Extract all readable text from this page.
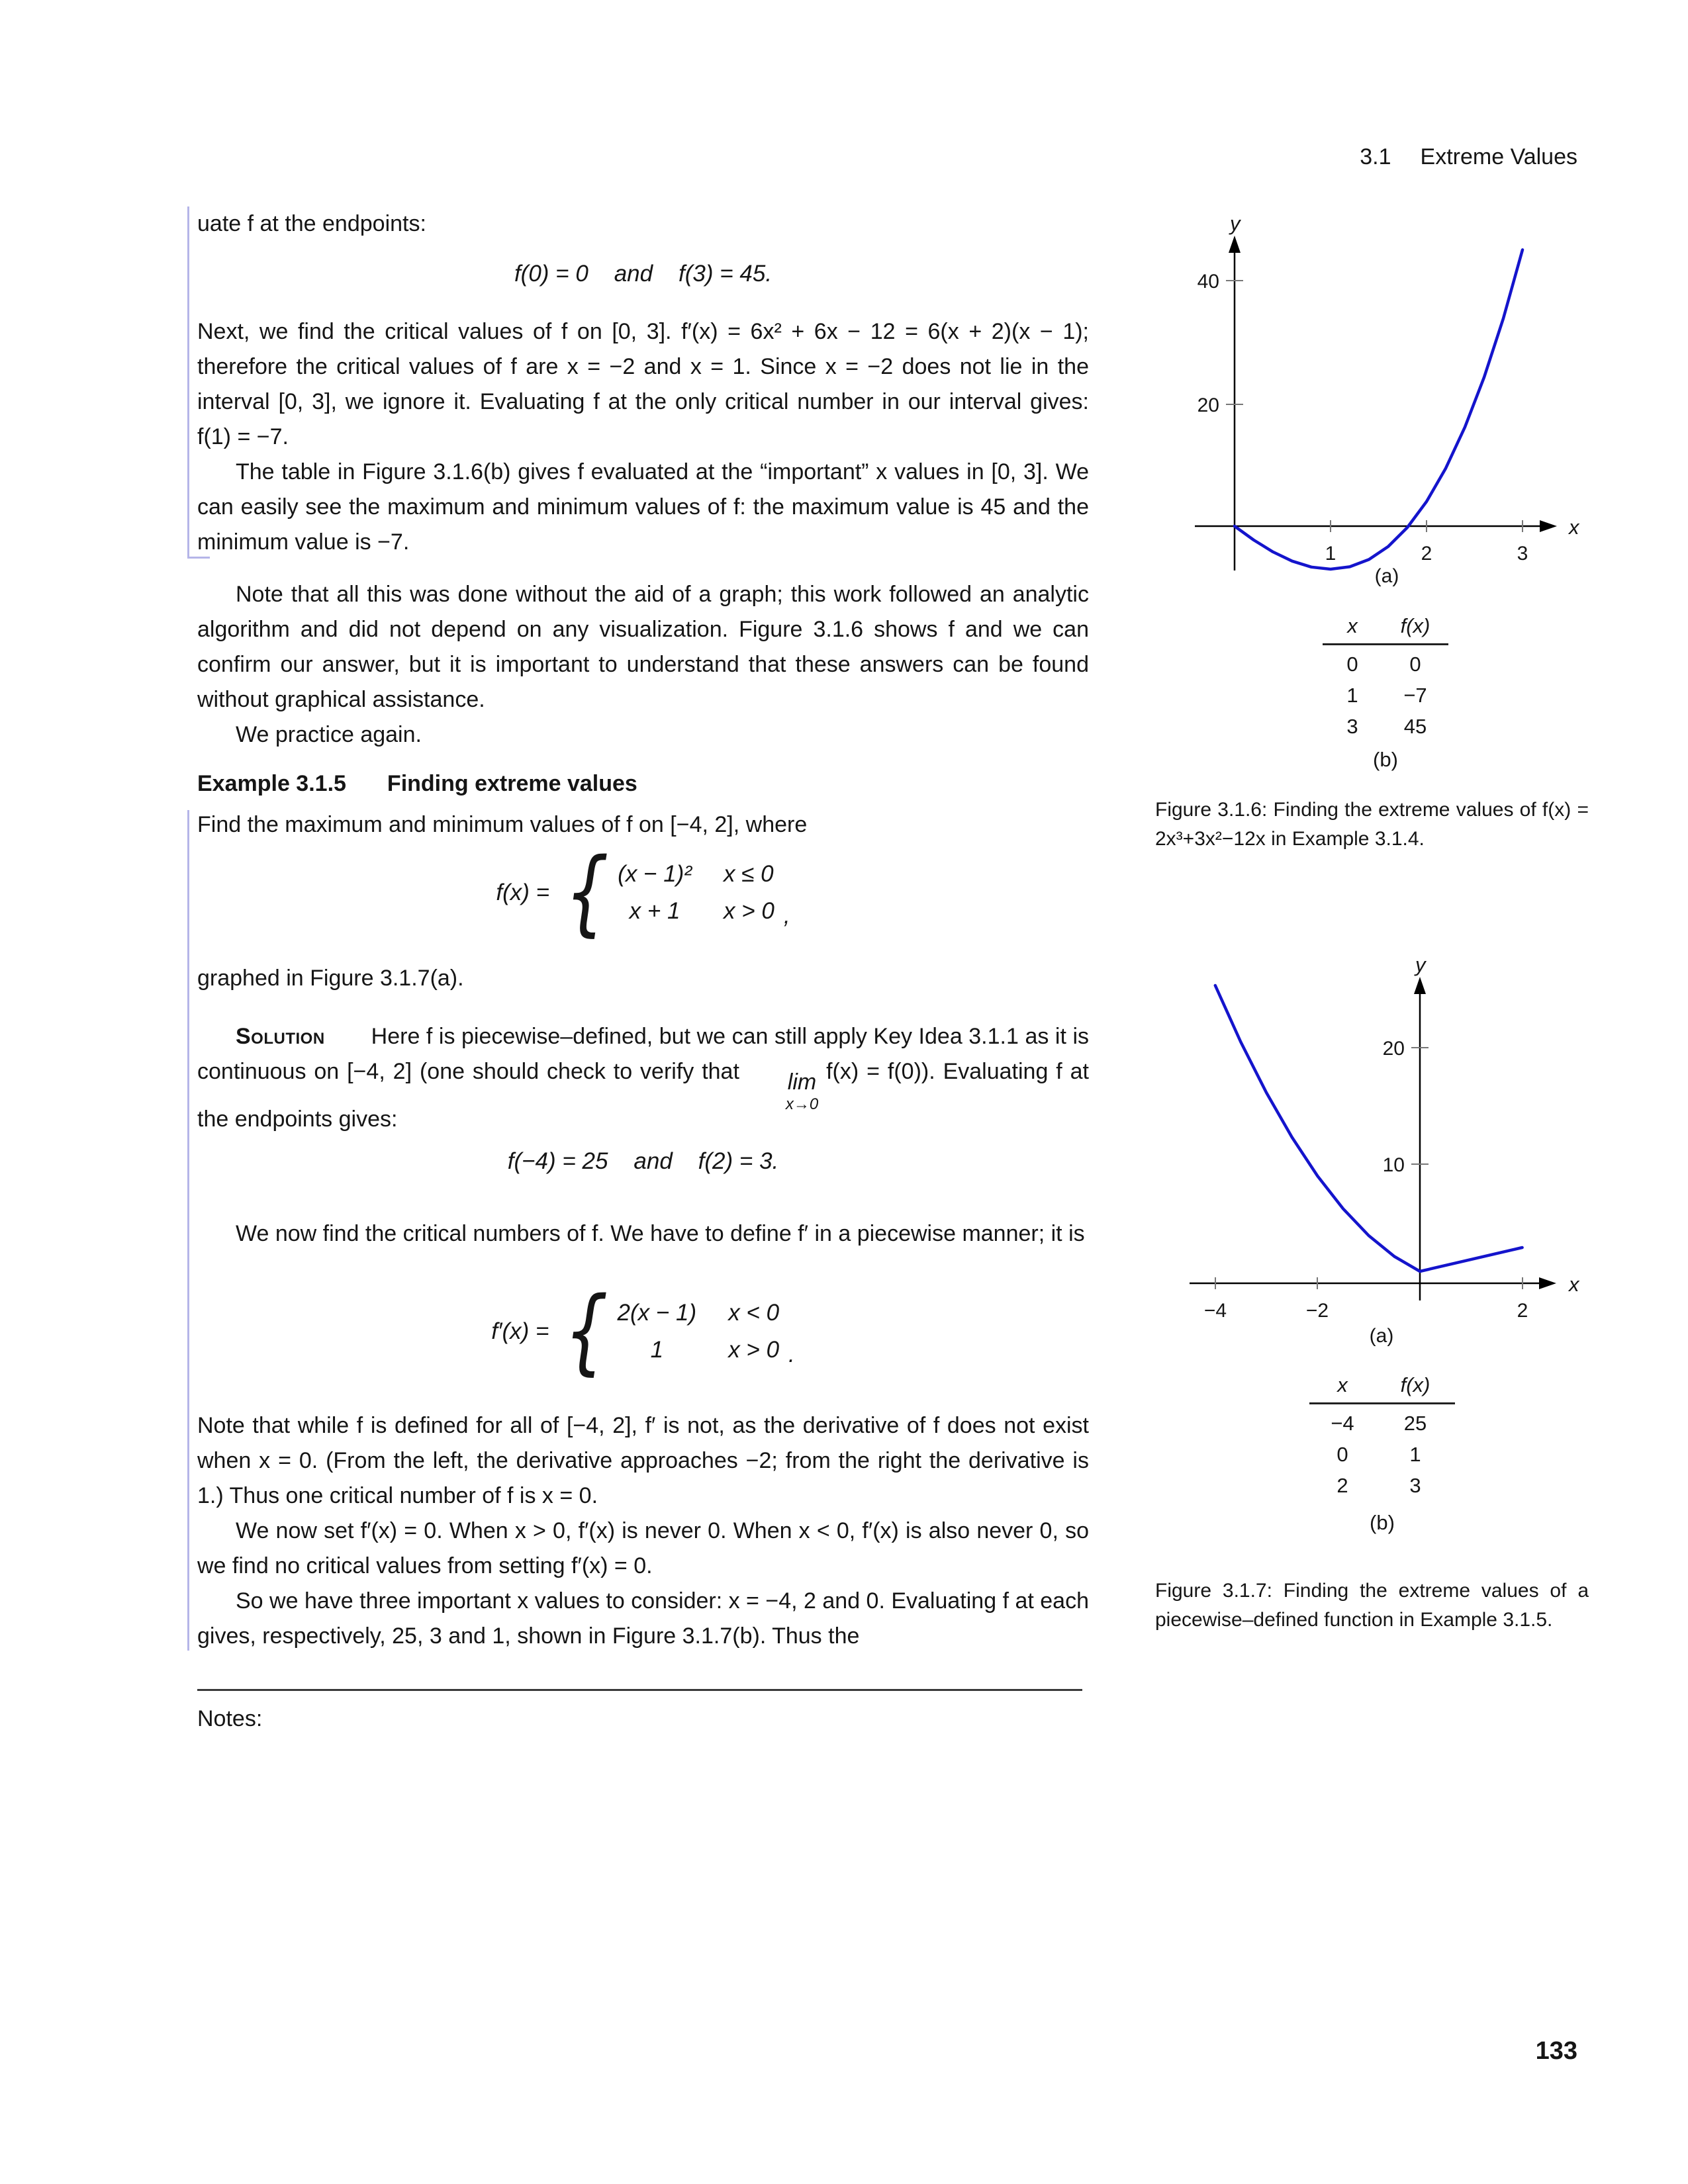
3.1 Extreme Values

uate f at the endpoints:

f(0) = 0    and    f(3) = 45.

Next, we find the critical values of f on [0, 3]. f′(x) = 6x² + 6x − 12 = 6(x + 2)(x − 1); therefore the critical values of f are x = −2 and x = 1. Since x = −2 does not lie in the interval [0, 3], we ignore it. Evaluating f at the only critical number in our interval gives: f(1) = −7.

The table in Figure 3.1.6(b) gives f evaluated at the “important” x values in [0, 3]. We can easily see the maximum and minimum values of f: the maximum value is 45 and the minimum value is −7.

Note that all this was done without the aid of a graph; this work followed an analytic algorithm and did not depend on any visualization. Figure 3.1.6 shows f and we can confirm our answer, but it is important to understand that these answers can be found without graphical assistance.

We practice again.

Example 3.1.5 Finding extreme values

Find the maximum and minimum values of f on [−4, 2], where

f(x) = { (x − 1)² x ≤ 0
x + 1	x > 0 ,

graphed in Figure 3.1.7(a).

Solution Here f is piecewise–defined, but we can still apply Key Idea 3.1.1 as it is continuous on [−4, 2] (one should check to verify that	lim
x→0
f(x) = f(0)). Evaluating f at the endpoints gives:

f(−4) = 25    and    f(2) = 3.

We now find the critical numbers of f. We have to define f′ in a piecewise manner; it is

f′(x) = { 2(x − 1) x < 0
1	x > 0 .

Note that while f is defined for all of [−4, 2], f′ is not, as the derivative of f does not exist when x = 0. (From the left, the derivative approaches −2; from the right the derivative is 1.) Thus one critical number of f is x = 0.

We now set f′(x) = 0. When x > 0, f′(x) is never 0. When x < 0, f′(x) is also never 0, so we find no critical values from setting f′(x) = 0.

So we have three important x values to consider: x = −4, 2 and 0. Evaluating f at each gives, respectively, 25, 3 and 1, shown in Figure 3.1.7(b). Thus the

1	2	3
20
40
x
y
(a)
x	f(x)
0	0
1	−7
3	45
(b)
Figure 3.1.6: Finding the extreme values of f(x) = 2x³+3x²−12x in Example 3.1.4.
−4	−2	2
10
20
x
y
(a)
x	f(x)
−4	25
0	1
2	3
(b)
Figure 3.1.7: Finding the extreme values of a piecewise–defined function in Example 3.1.5.
Notes:
133
